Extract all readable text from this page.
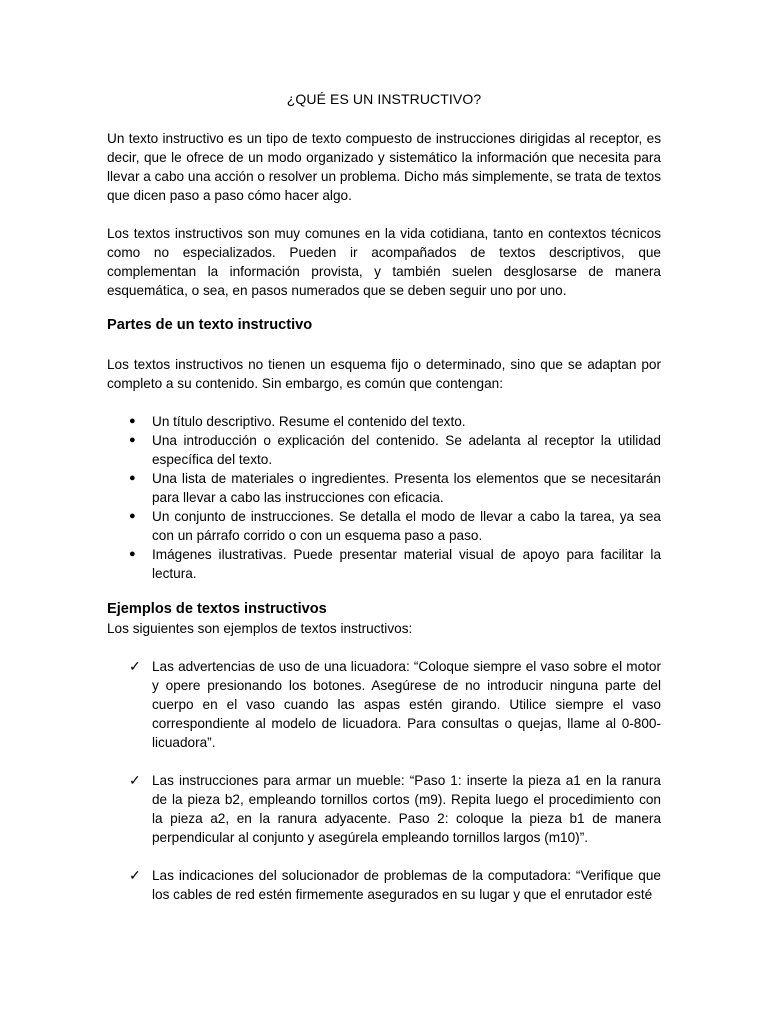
¿QUÉ ES UN INSTRUCTIVO?

Un texto instructivo es un tipo de texto compuesto de instrucciones dirigidas al receptor, es decir, que le ofrece de un modo organizado y sistemático la información que necesita para llevar a cabo una acción o resolver un problema. Dicho más simplemente, se trata de textos que dicen paso a paso cómo hacer algo.

Los textos instructivos son muy comunes en la vida cotidiana, tanto en contextos técnicos como no especializados. Pueden ir acompañados de textos descriptivos, que complementan la información provista, y también suelen desglosarse de manera esquemática, o sea, en pasos numerados que se deben seguir uno por uno.

Partes de un texto instructivo

Los textos instructivos no tienen un esquema fijo o determinado, sino que se adaptan por completo a su contenido. Sin embargo, es común que contengan:

● Un título descriptivo. Resume el contenido del texto.
● Una introducción o explicación del contenido. Se adelanta al receptor la utilidad específica del texto.
● Una lista de materiales o ingredientes. Presenta los elementos que se necesitarán para llevar a cabo las instrucciones con eficacia.
● Un conjunto de instrucciones. Se detalla el modo de llevar a cabo la tarea, ya sea con un párrafo corrido o con un esquema paso a paso.
● Imágenes ilustrativas. Puede presentar material visual de apoyo para facilitar la lectura.
Ejemplos de textos instructivos

Los siguientes son ejemplos de textos instructivos:

✓ Las advertencias de uso de una licuadora: “Coloque siempre el vaso sobre el motor y opere presionando los botones. Asegúrese de no introducir ninguna parte del cuerpo en el vaso cuando las aspas estén girando. Utilice siempre el vaso correspondiente al modelo de licuadora. Para consultas o quejas, llame al 0-800-licuadora”.
✓ Las instrucciones para armar un mueble: “Paso 1: inserte la pieza a1 en la ranura de la pieza b2, empleando tornillos cortos (m9). Repita luego el procedimiento con la pieza a2, en la ranura adyacente. Paso 2: coloque la pieza b1 de manera perpendicular al conjunto y asegúrela empleando tornillos largos (m10)”.
✓ Las indicaciones del solucionador de problemas de la computadora: “Verifique que los cables de red estén firmemente asegurados en su lugar y que el enrutador esté
